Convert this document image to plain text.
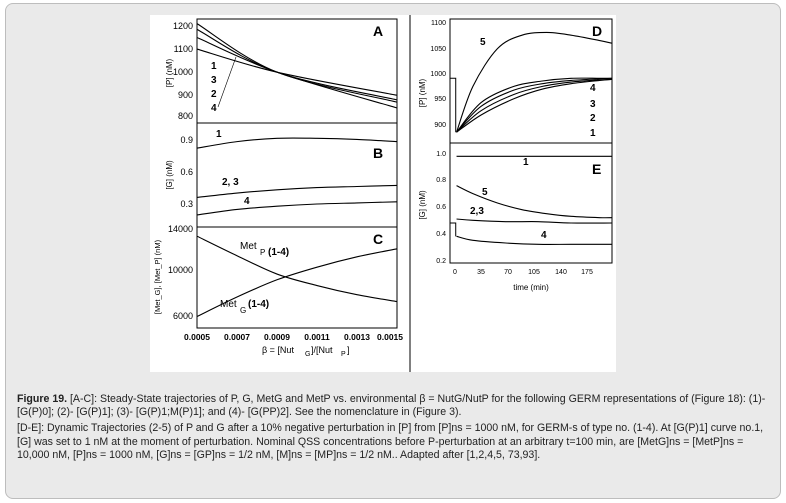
A
B
C
D
E
1200
1100
1000
900
800
[P] (nM)	1
3
2
4
0.9
0.6
0.3
[G] (nM)
1
2, 3
4
14000
10000
6000
[Met_G], [Met_P] (nM)	Met
P (1-4)
Met
G
(1-4)
0.0005 0.0007 0.0009 0.0011 0.0013 0.0015
β = [Nut G ]/[Nut P ]
1100
1050
1000
950
900
[P] (nM)
5
4
3
2
1
1.0
0.8
0.6
0.4
0.2
[G] (nM)
1
5
2,3
4
0	35	70 105 140 175
time (min)

Figure 19. [A-C]: Steady-State trajectories of P, G, MetG and MetP vs. environmental β = NutG/NutP for the following GERM representations of (Figure 18): (1)- [G(P)0]; (2)- [G(P)1]; (3)- [G(P)1;M(P)1]; and (4)- [G(PP)2]. See the nomenclature in (Figure 3).

[D-E]: Dynamic Trajectories (2-5) of P and G after a 10% negative perturbation in [P] from [P]ns = 1000 nM, for GERM-s of type no. (1-4). At [G(P)1] curve no.1, [G] was set to 1 nM at the moment of perturbation. Nominal QSS concentrations before P-perturbation at an arbitrary t=100 min, are [MetG]ns = [MetP]ns = 10,000 nM, [P]ns = 1000 nM, [G]ns = [GP]ns = 1/2 nM, [M]ns = [MP]ns = 1/2 nM.. Adapted after [1,2,4,5, 73,93].
